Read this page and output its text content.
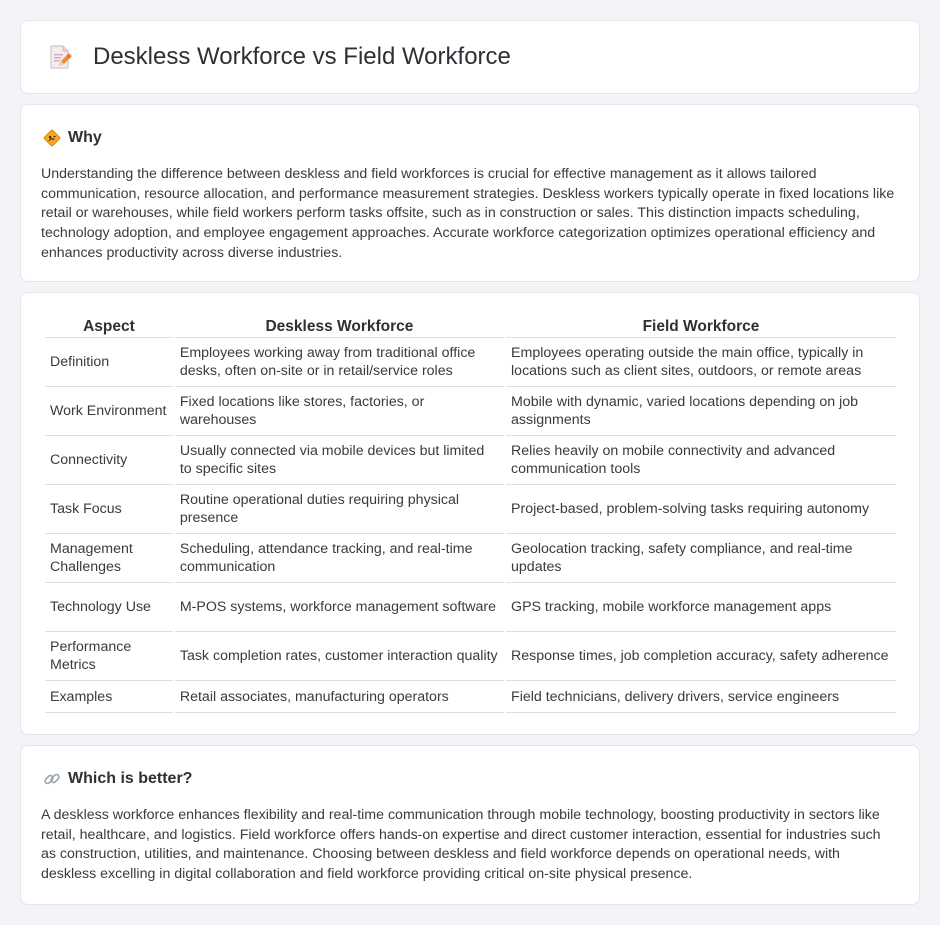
Deskless Workforce vs Field Workforce
Why

Understanding the difference between deskless and field workforces is crucial for effective management as it allows tailored communication, resource allocation, and performance measurement strategies. Deskless workers typically operate in fixed locations like retail or warehouses, while field workers perform tasks offsite, such as in construction or sales. This distinction impacts scheduling, technology adoption, and employee engagement approaches. Accurate workforce categorization optimizes operational efficiency and enhances productivity across diverse industries.

Aspect	Deskless Workforce	Field Workforce
Definition	Employees working away from traditional office desks, often on-site or in retail/service roles	Employees operating outside the main office, typically in locations such as client sites, outdoors, or remote areas
Work Environment	Fixed locations like stores, factories, or warehouses	Mobile with dynamic, varied locations depending on job assignments
Connectivity	Usually connected via mobile devices but limited to specific sites	Relies heavily on mobile connectivity and advanced communication tools
Task Focus	Routine operational duties requiring physical presence	Project-based, problem-solving tasks requiring autonomy
Management Challenges	Scheduling, attendance tracking, and real-time communication	Geolocation tracking, safety compliance, and real-time updates
Technology Use	M-POS systems, workforce management software	GPS tracking, mobile workforce management apps
Performance Metrics	Task completion rates, customer interaction quality	Response times, job completion accuracy, safety adherence
Examples	Retail associates, manufacturing operators	Field technicians, delivery drivers, service engineers
Which is better?

A deskless workforce enhances flexibility and real-time communication through mobile technology, boosting productivity in sectors like retail, healthcare, and logistics. Field workforce offers hands-on expertise and direct customer interaction, essential for industries such as construction, utilities, and maintenance. Choosing between deskless and field workforce depends on operational needs, with deskless excelling in digital collaboration and field workforce providing critical on-site physical presence.
